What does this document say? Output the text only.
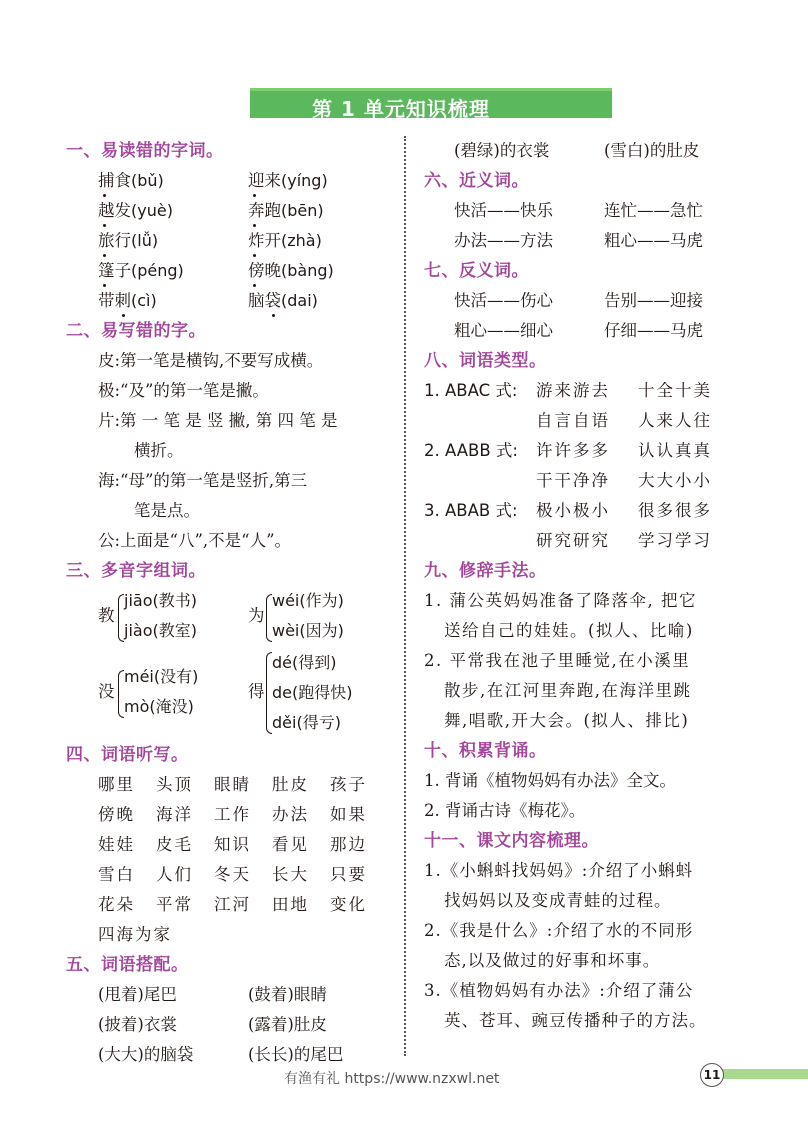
第 1 单元知识梳理
一、易读错的字词。
捕食(bǔ)	迎来(yíng)
越发(yuè)	奔跑(bēn)
旅行(lǚ)	炸开(zhà)
篷子(péng)	傍晚(bàng)
带刺(cì)	脑袋(dai)
二、易写错的字。
皮:第一笔是横钩,不要写成横。
极:“及”的第一笔是撇。
片:第 一 笔 是 竖 撇, 第 四 笔 是
横折。
海:“母”的第一笔是竖折,第三
笔是点。
公:上面是“八”,不是“人”。
三、多音字组词。
教
jiāo(教书)
jiào(教室)
为
wéi(作为)
wèi(因为)
没
méi(没有)
mò(淹没)
得
dé(得到)
de(跑得快)
děi(得亏)
四、词语听写。
哪里 头顶 眼睛 肚皮 孩子
傍晚 海洋 工作 办法 如果
娃娃 皮毛 知识 看见 那边
雪白 人们 冬天 长大 只要
花朵 平常 江河 田地 变化
四海为家
五、词语搭配。
(甩着)尾巴	(鼓着)眼睛
(披着)衣裳	(露着)肚皮
(大大)的脑袋	(长长)的尾巴
(碧绿)的衣裳	(雪白)的肚皮
六、近义词。
快活——快乐	连忙——急忙
办法——方法	粗心——马虎
七、反义词。
快活——伤心	告别——迎接
粗心——细心	仔细——马虎
八、词语类型。
1. ABAC 式: 游来游去 十全十美
自言自语 人来人往
2. AABB 式: 许许多多 认认真真
干干净净 大大小小
3. ABAB 式: 极小极小 很多很多
研究研究 学习学习
九、修辞手法。
1. 蒲公英妈妈准备了降落伞, 把它
送给自己的娃娃。(拟人、比喻)
2. 平常我在池子里睡觉,在小溪里
散步,在江河里奔跑,在海洋里跳
舞,唱歌,开大会。(拟人、排比)
十、积累背诵。
1. 背诵《植物妈妈有办法》全文。
2. 背诵古诗《梅花》。
十一、课文内容梳理。
1.《小蝌蚪找妈妈》:介绍了小蝌蚪
找妈妈以及变成青蛙的过程。
2.《我是什么》:介绍了水的不同形
态,以及做过的好事和坏事。
3.《植物妈妈有办法》:介绍了蒲公
英、苍耳、豌豆传播种子的方法。
有渔有礼 https://www.nzxwl.net	11
